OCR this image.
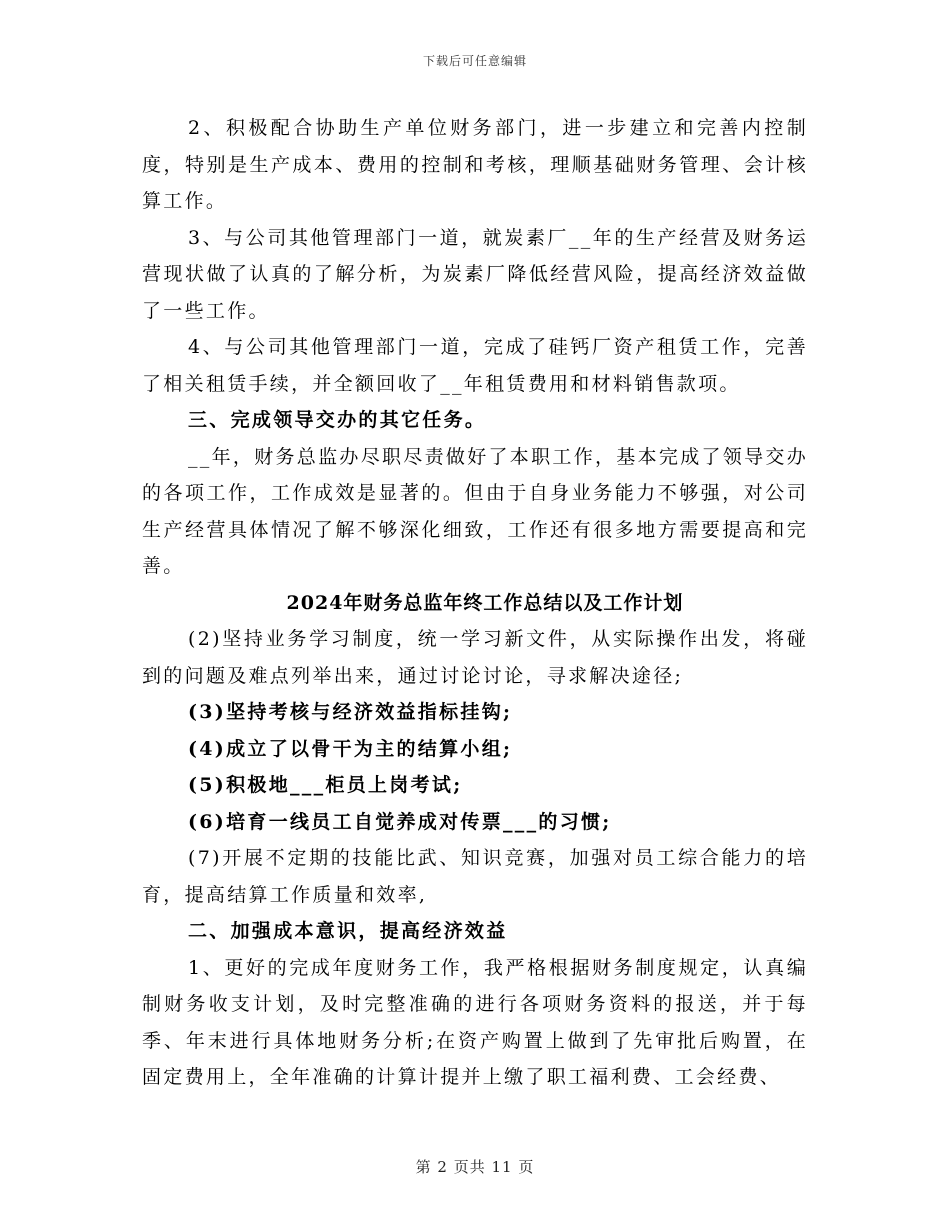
下载后可任意编辑

2、积极配合协助生产单位财务部门，进一步建立和完善内控制度，特别是生产成本、费用的控制和考核，理顺基础财务管理、会计核算工作。

3、与公司其他管理部门一道，就炭素厂__年的生产经营及财务运营现状做了认真的了解分析，为炭素厂降低经营风险，提高经济效益做了一些工作。

4、与公司其他管理部门一道，完成了硅钙厂资产租赁工作，完善了相关租赁手续，并全额回收了__年租赁费用和材料销售款项。

三、完成领导交办的其它任务。

__年，财务总监办尽职尽责做好了本职工作，基本完成了领导交办的各项工作，工作成效是显著的。但由于自身业务能力不够强，对公司生产经营具体情况了解不够深化细致，工作还有很多地方需要提高和完善。

2024年财务总监年终工作总结以及工作计划

(2)坚持业务学习制度，统一学习新文件，从实际操作出发，将碰到的问题及难点列举出来，通过讨论讨论，寻求解决途径;

(3)坚持考核与经济效益指标挂钩;

(4)成立了以骨干为主的结算小组;

(5)积极地___柜员上岗考试;

(6)培育一线员工自觉养成对传票___的习惯;

(7)开展不定期的技能比武、知识竞赛，加强对员工综合能力的培育，提高结算工作质量和效率,

二、加强成本意识，提高经济效益

1、更好的完成年度财务工作，我严格根据财务制度规定，认真编制财务收支计划，及时完整准确的进行各项财务资料的报送，并于每季、年末进行具体地财务分析;在资产购置上做到了先审批后购置，在固定费用上，全年准确的计算计提并上缴了职工福利费、工会经费、

第 2 页共 11 页
